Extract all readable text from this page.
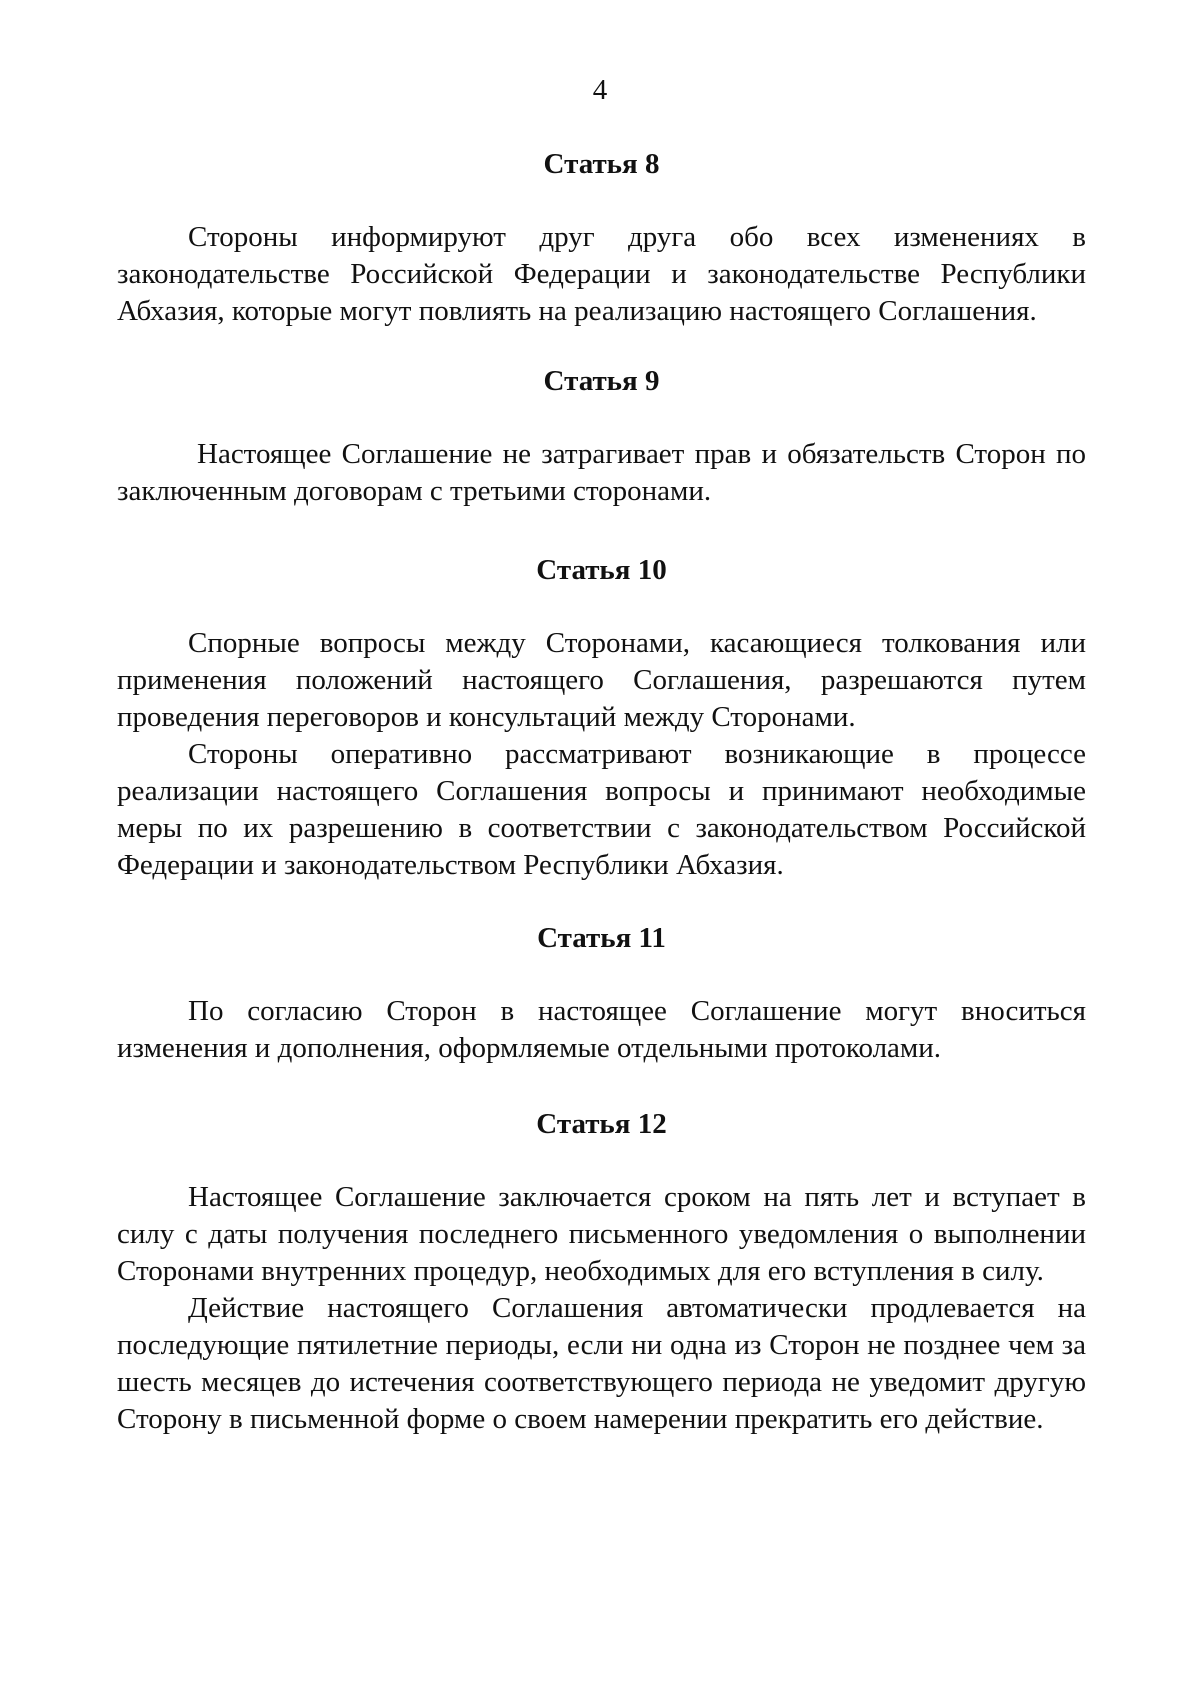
4
Статья 8

Стороны информируют друг друга обо всех изменениях в законодательстве Российской Федерации и законодательстве Республики Абхазия, которые могут повлиять на реализацию настоящего Соглашения.

Статья 9

Настоящее Соглашение не затрагивает прав и обязательств Сторон по заключенным договорам с третьими сторонами.

Статья 10

Спорные вопросы между Сторонами, касающиеся толкования или применения положений настоящего Соглашения, разрешаются путем проведения переговоров и консультаций между Сторонами.

Стороны оперативно рассматривают возникающие в процессе реализации настоящего Соглашения вопросы и принимают необходимые меры по их разрешению в соответствии с законодательством Российской Федерации и законодательством Республики Абхазия.

Статья 11

По согласию Сторон в настоящее Соглашение могут вноситься изменения и дополнения, оформляемые отдельными протоколами.

Статья 12

Настоящее Соглашение заключается сроком на пять лет и вступает в силу с даты получения последнего письменного уведомления о выполнении Сторонами внутренних процедур, необходимых для его вступления в силу.

Действие настоящего Соглашения автоматически продлевается на последующие пятилетние периоды, если ни одна из Сторон не позднее чем за шесть месяцев до истечения соответствующего периода не уведомит другую Сторону в письменной форме о своем намерении прекратить его действие.
